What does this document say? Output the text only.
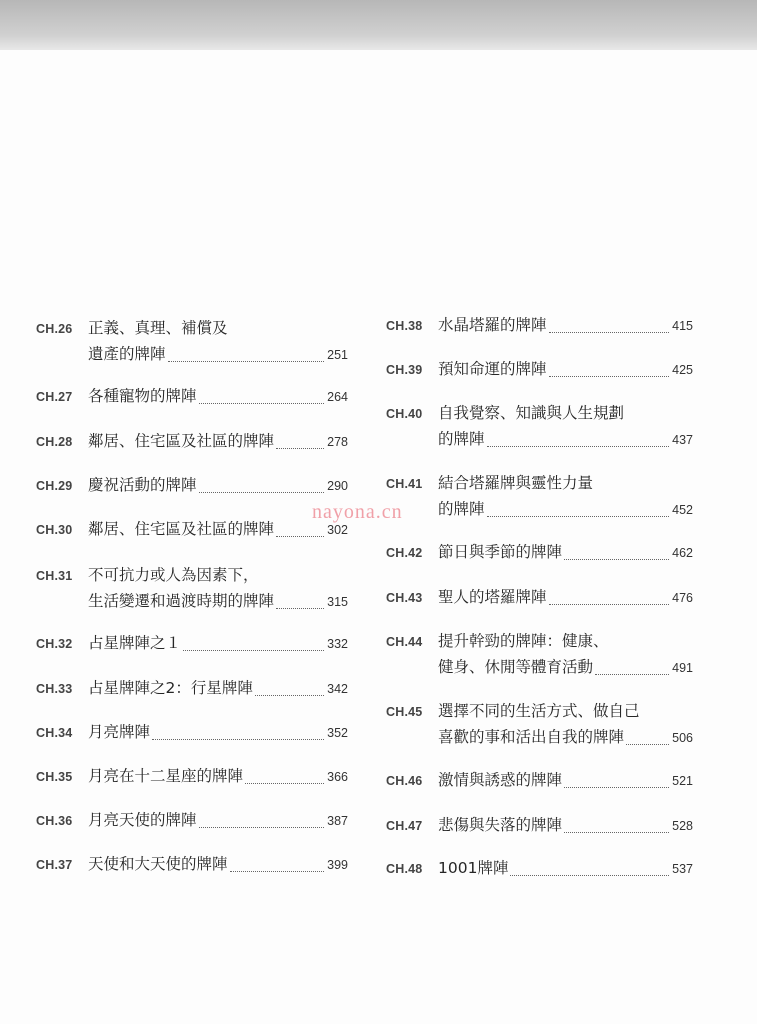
CH.26	正義、真理、補償及
遺產的牌陣	251
CH.27	各種寵物的牌陣	264
CH.28	鄰居、住宅區及社區的牌陣	278
CH.29	慶祝活動的牌陣	290
CH.30	鄰居、住宅區及社區的牌陣	302
CH.31	不可抗力或人為因素下，
生活變遷和過渡時期的牌陣	315
CH.32	占星牌陣之１	332
CH.33	占星牌陣之2：行星牌陣	342
CH.34	月亮牌陣	352
CH.35	月亮在十二星座的牌陣	366
CH.36	月亮天使的牌陣	387
CH.37	天使和大天使的牌陣	399
CH.38	水晶塔羅的牌陣	415
CH.39	預知命運的牌陣	425
CH.40	自我覺察、知識與人生規劃
的牌陣	437
CH.41	結合塔羅牌與靈性力量
的牌陣	452
CH.42	節日與季節的牌陣	462
CH.43	聖人的塔羅牌陣	476
CH.44	提升幹勁的牌陣：健康、
健身、休閒等體育活動	491
CH.45	選擇不同的生活方式、做自己
喜歡的事和活出自我的牌陣	506
CH.46	激情與誘惑的牌陣	521
CH.47	悲傷與失落的牌陣	528
CH.48	1001牌陣	537
nayona.cn
